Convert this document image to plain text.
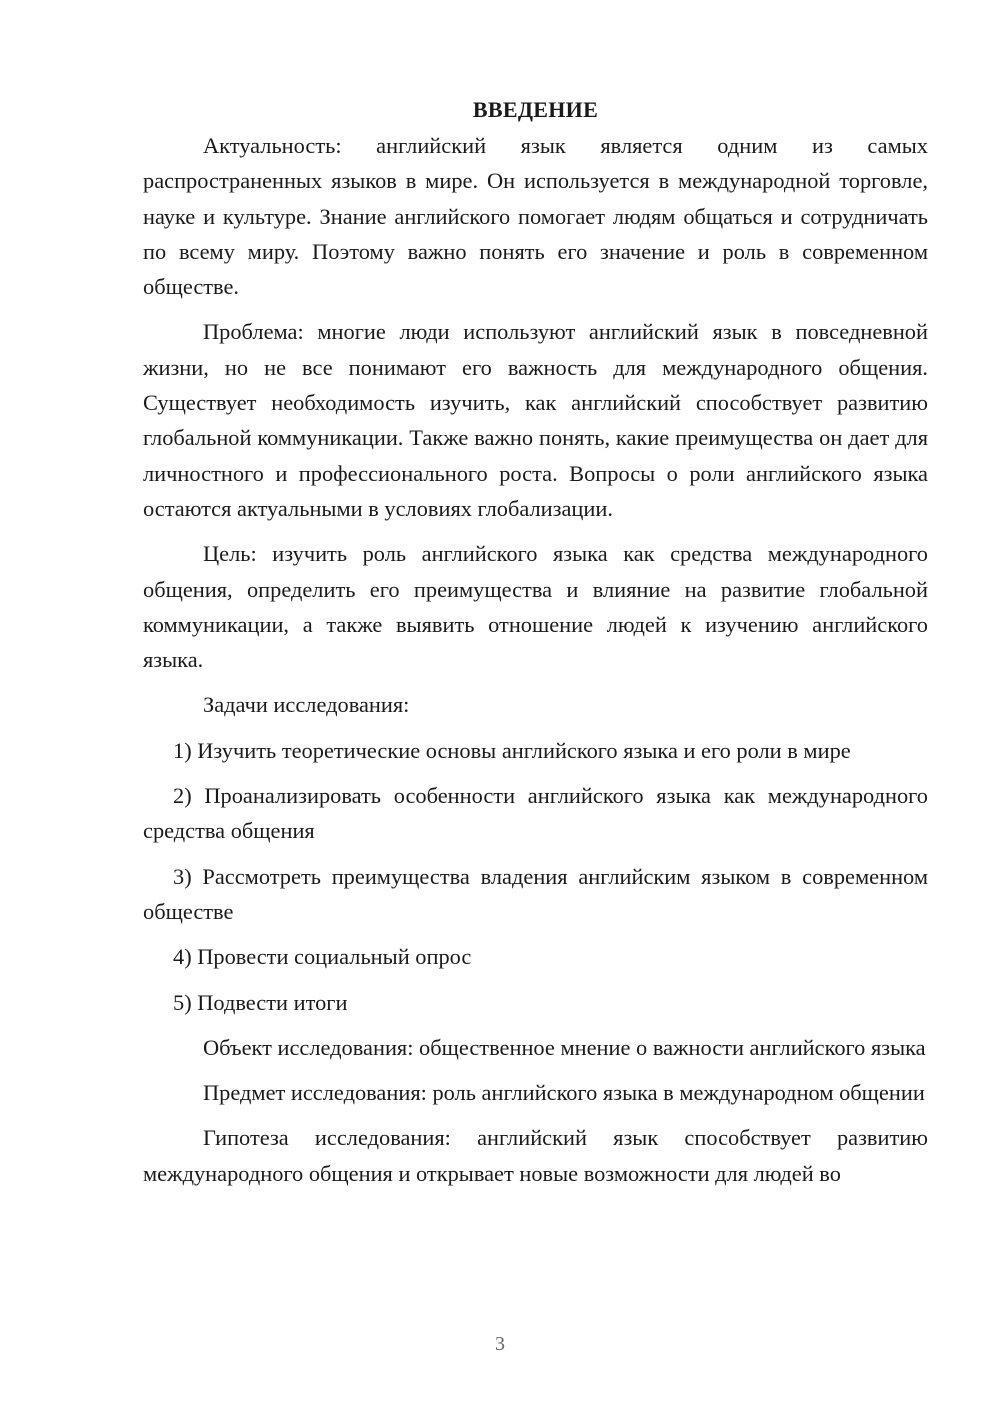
ВВЕДЕНИЕ

Актуальность: английский язык является одним из самых распространенных языков в мире. Он используется в международной торговле, науке и культуре. Знание английского помогает людям общаться и сотрудничать по всему миру. Поэтому важно понять его значение и роль в современном обществе.

Проблема: многие люди используют английский язык в повседневной жизни, но не все понимают его важность для международного общения. Существует необходимость изучить, как английский способствует развитию глобальной коммуникации. Также важно понять, какие преимущества он дает для личностного и профессионального роста. Вопросы о роли английского языка остаются актуальными в условиях глобализации.

Цель: изучить роль английского языка как средства международного общения, определить его преимущества и влияние на развитие глобальной коммуникации, а также выявить отношение людей к изучению английского языка.

Задачи исследования:

1) Изучить теоретические основы английского языка и его роли в мире

2) Проанализировать особенности английского языка как международного средства общения

3) Рассмотреть преимущества владения английским языком в современном обществе

4) Провести социальный опрос

5) Подвести итоги

Объект исследования: общественное мнение о важности английского языка

Предмет исследования: роль английского языка в международном общении

Гипотеза исследования: английский язык способствует развитию международного общения и открывает новые возможности для людей во

3
